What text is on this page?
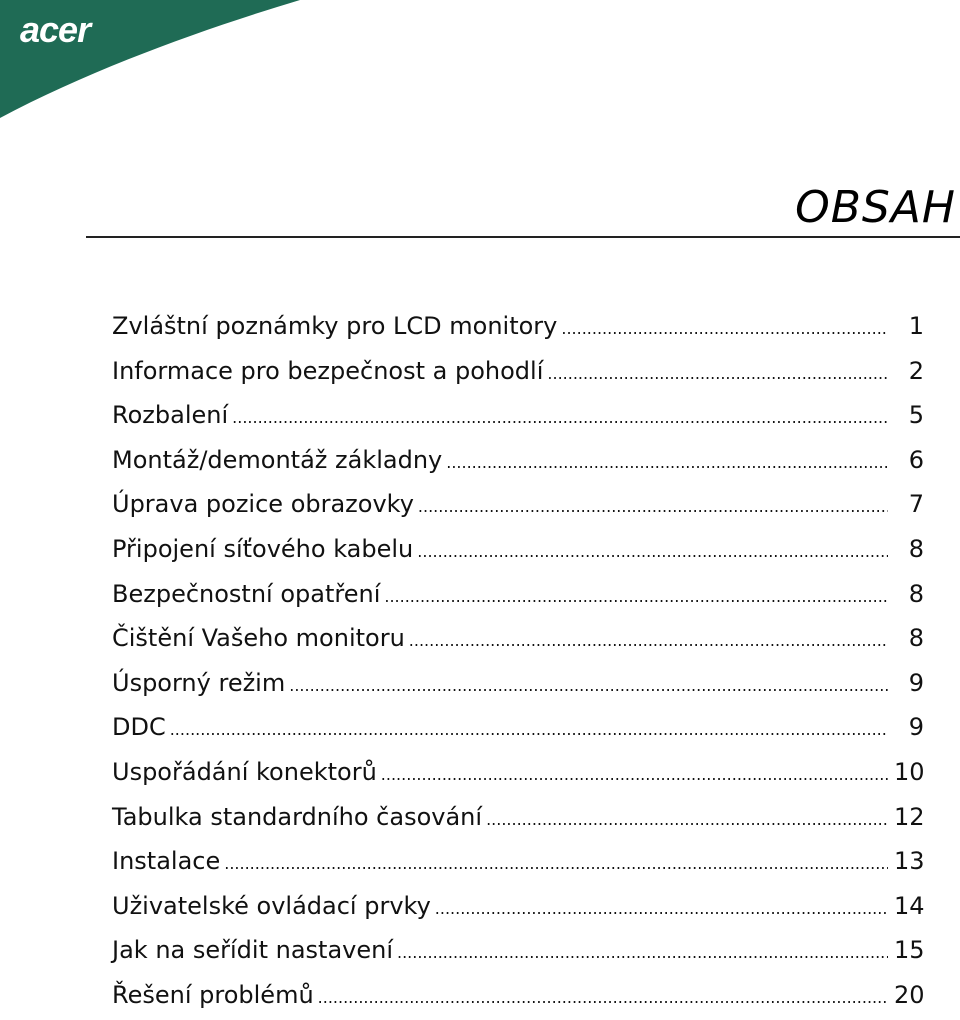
acer
OBSAH
Zvláštní poznámky pro LCD monitory .....	1
Informace pro bezpečnost a pohodlí .....	2
Rozbalení .....	5
Montáž/demontáž základny .....	6
Úprava pozice obrazovky .....	7
Připojení síťového kabelu .....	8
Bezpečnostní opatření .....	8
Čištění Vašeho monitoru .....	8
Úsporný režim .....	9
DDC .....	9
Uspořádání konektorů .....	10
Tabulka standardního časování .....	12
Instalace .....	13
Uživatelské ovládací prvky .....	14
Jak na seřídit nastavení .....	15
Řešení problémů .....	20
